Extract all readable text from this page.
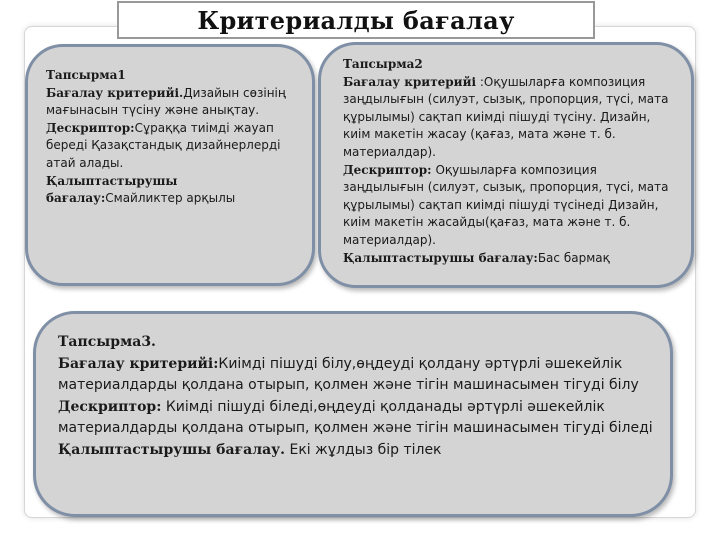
Критериалды бағалау

Тапсырма1

Бағалау критерийі.Дизайын сөзінің мағынасын түсіну және анықтау.

Дескриптор:Сұраққа тиімді жауап береді Қазақстандық дизайнерлерді атай алады.

Қалыптастырушы бағалау:Смайликтер арқылы

Тапсырма2

Бағалау критерийі :Оқушыларға композиция заңдылығын (силуэт, сызық, пропорция, түсі, мата құрылымы) сақтап киімді пішуді түсіну. Дизайн, киім макетін жасау (қағаз, мата және т. б. материалдар).

Дескриптор: Оқушыларға композиция заңдылығын (силуэт, сызық, пропорция, түсі, мата құрылымы) сақтап киімді пішуді түсінеді Дизайн, киім макетін жасайды(қағаз, мата және т. б. материалдар).

Қалыптастырушы бағалау:Бас бармақ

Тапсырма3.

Бағалау критерийі:Киімді пішуді білу,өңдеуді қолдану әртүрлі әшекейлік материалдарды қолдана отырып, қолмен және тігін машинасымен тігуді білу

Дескриптор: Киімді пішуді біледі,өңдеуді қолданады әртүрлі әшекейлік материалдарды қолдана отырып, қолмен және тігін машинасымен тігуді біледі

Қалыптастырушы бағалау. Екі жұлдыз бір тілек
